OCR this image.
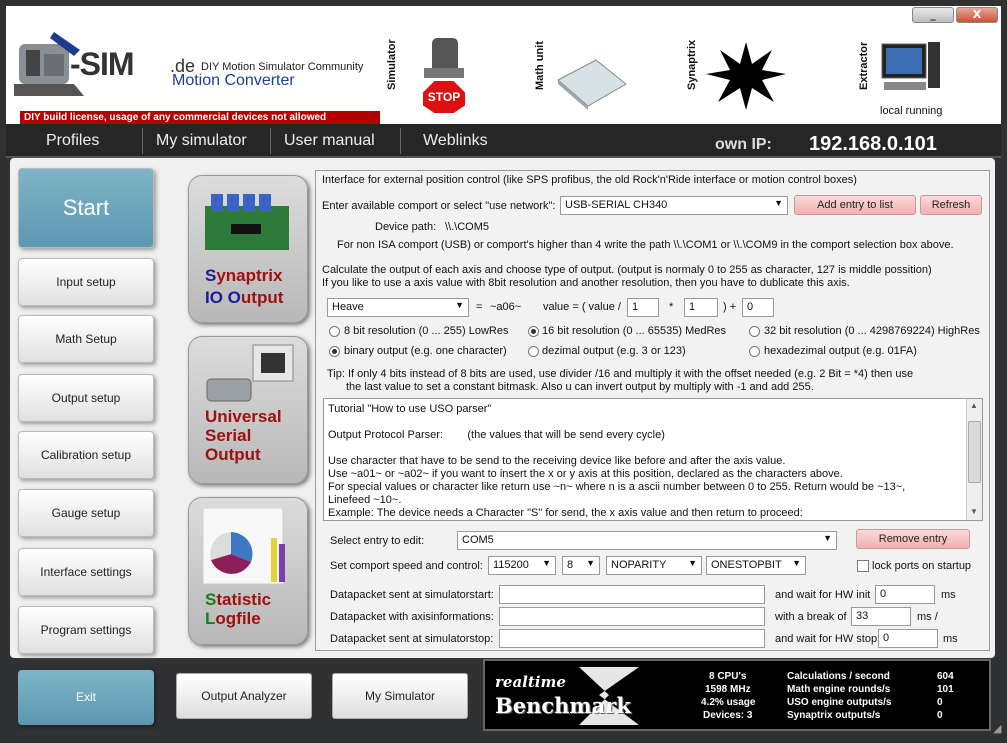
-SIM .de DIY Motion Simulator Community
Motion Converter	Simulator
STOP
Math unit	Synaptrix	Extractor
local running
DIY build license, usage of any commercial devices not allowed
_	X
Profiles	My simulator User manual	Weblinks	own IP: 192.168.0.101
Start
Input setup
Math Setup
Output setup
Calibration setup
Gauge setup
Interface settings
Program settings
Exit
Synaptrix
IO Output
Universal
Serial
Output
Statistic
Logfile
Interface for external position control (like SPS profibus, the old Rock'n'Ride interface or motion control boxes)
Enter available comport or select "use network": USB-SERIAL CH340	▼	Add entry to list	Refresh
Device path: \\.\COM5
For non ISA comport (USB) or comport's higher than 4 write the path \\.\COM1 or \\.\COM9 in the comport selection box above.
Calculate the output of each axis and choose type of output. (output is normaly 0 to 255 as character, 127 is middle possition)
If you like to use a axis value with 8bit resolution and another resolution, then you have to dublicate this axis.
Heave	▼ = ~a06~ value = ( value /	1	*	1	) + 0
8 bit resolution (0 ... 255) LowRes	16 bit resolution (0 ... 65535) MedRes	32 bit resolution (0 ... 4298769224) HighRes
binary output (e.g. one character)	dezimal output (e.g. 3 or 123)	hexadezimal output (e.g. 01FA)
Tip: If only 4 bits instead of 8 bits are used, use divider /16 and multiply it with the offset needed (e.g. 2 Bit = *4) then use
the last value to set a constant bitmask. Also u can invert output by multiply with -1 and add 255.
Tutorial "How to use USO parser"

Output Protocol Parser:        (the values that will be send every cycle)

Use character that have to be send to the receiving device like before and after the axis value.
Use ~a01~ or ~a02~ if you want to insert the x or y axis at this position, declared as the characters above.
For special values or character like return use ~n~ where n is a ascii number between 0 to 255. Return would be ~13~,
Linefeed ~10~.
Example: The device needs a Character "S" for send, the x axis value and then return to proceed:
▲
▼
Select entry to edit:	COM5	▼	Remove entry
Set comport speed and control: 115200 ▼	8 ▼	NOPARITY ▼	ONESTOPBIT ▼	lock ports on startup
Datapacket sent at simulatorstart:	and wait for HW init 0	ms
Datapacket with axisinformations:	with a break of 33	ms /
Datapacket sent at simulatorstop:	and wait for HW stop 0	ms
Output Analyzer	My Simulator
realtime
Benchmark
8 CPU's
1598 MHz
4.2% usage
Devices: 3
Calculations / second	604
Math engine rounds/s	101
USO engine outputs/s	0
Synaptrix outputs/s	0
◢
